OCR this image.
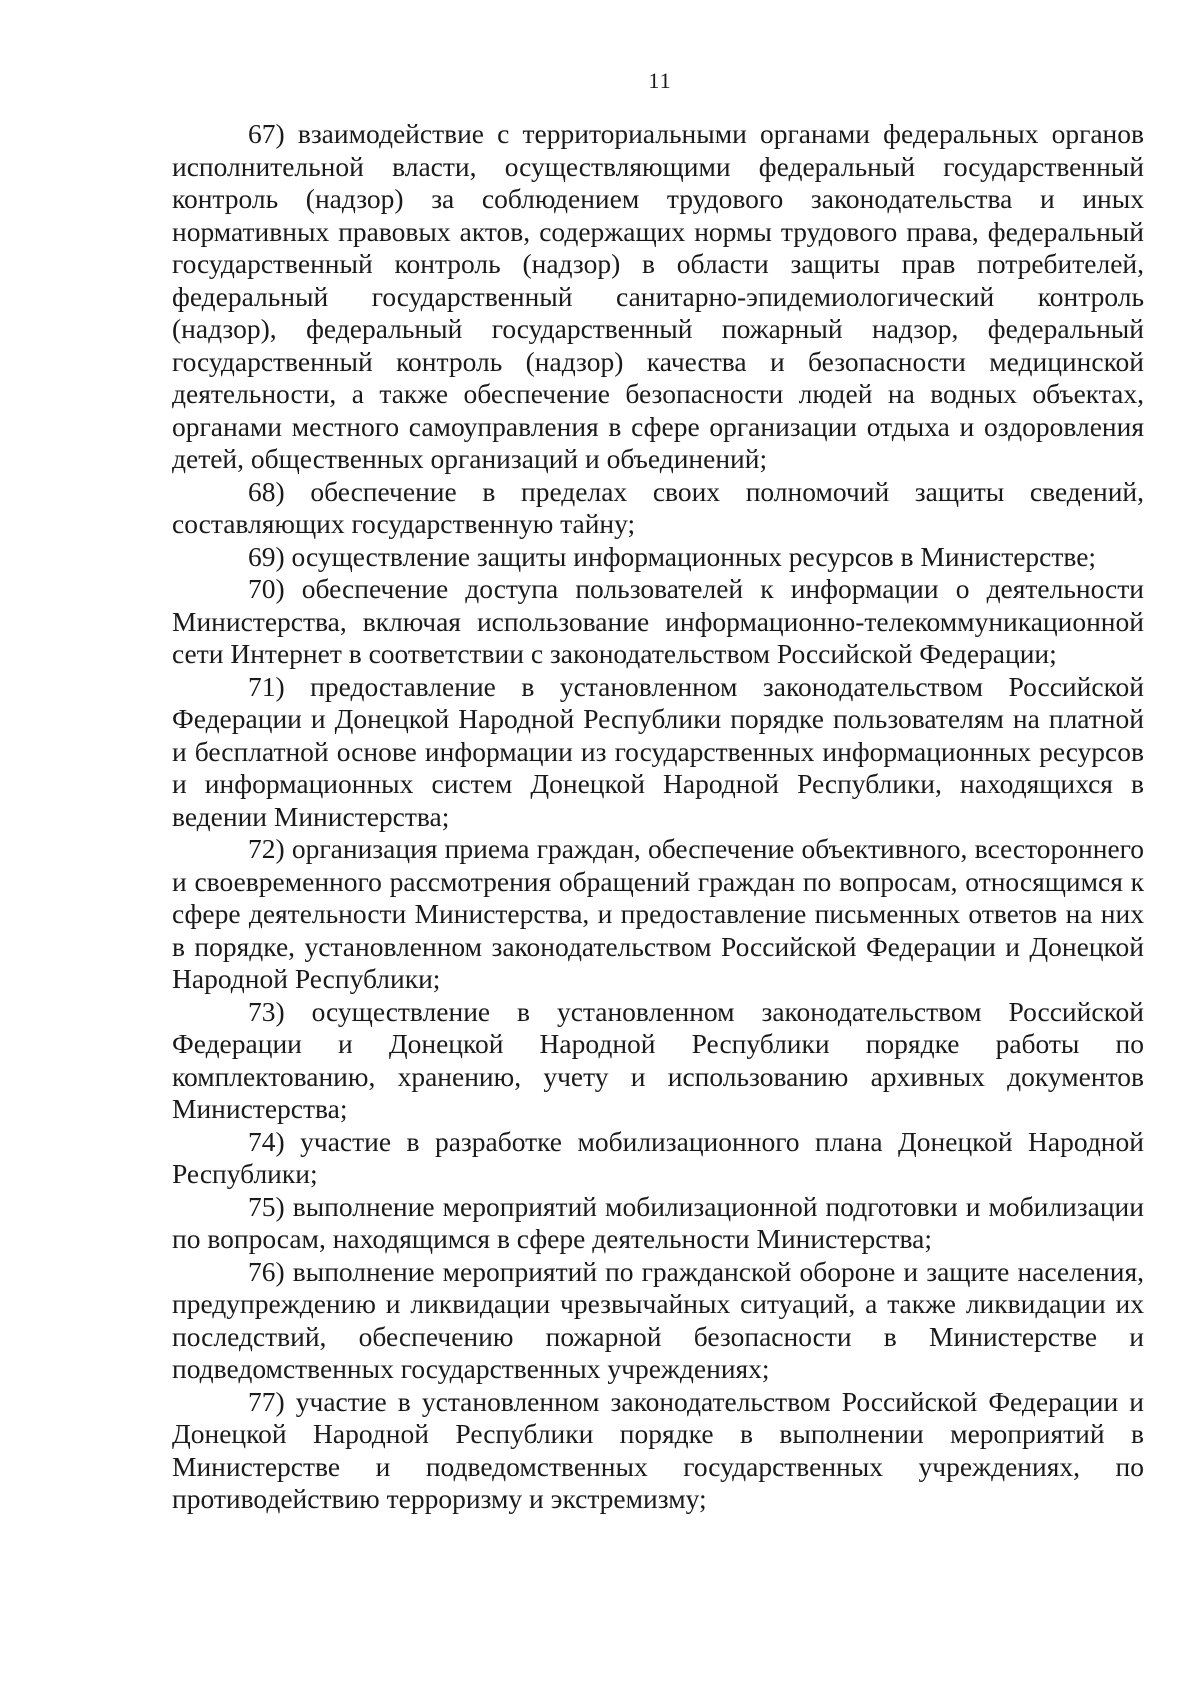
11

67) взаимодействие с территориальными органами федеральных органов исполнительной власти, осуществляющими федеральный государственный контроль (надзор) за соблюдением трудового законодательства и иных нормативных правовых актов, содержащих нормы трудового права, федеральный государственный контроль (надзор) в области защиты прав потребителей, федеральный государственный санитарно-эпидемиологический контроль (надзор), федеральный государственный пожарный надзор, федеральный государственный контроль (надзор) качества и безопасности медицинской деятельности, а также обеспечение безопасности людей на водных объектах, органами местного самоуправления в сфере организации отдыха и оздоровления детей, общественных организаций и объединений;

68) обеспечение в пределах своих полномочий защиты сведений, составляющих государственную тайну;

69) осуществление защиты информационных ресурсов в Министерстве;

70) обеспечение доступа пользователей к информации о деятельности Министерства, включая использование информационно-телекоммуникационной сети Интернет в соответствии с законодательством Российской Федерации;

71) предоставление в установленном законодательством Российской Федерации и Донецкой Народной Республики порядке пользователям на платной и бесплатной основе информации из государственных информационных ресурсов и информационных систем Донецкой Народной Республики, находящихся в ведении Министерства;

72) организация приема граждан, обеспечение объективного, всестороннего и своевременного рассмотрения обращений граждан по вопросам, относящимся к сфере деятельности Министерства, и предоставление письменных ответов на них в порядке, установленном законодательством Российской Федерации и Донецкой Народной Республики;

73) осуществление в установленном законодательством Российской Федерации и Донецкой Народной Республики порядке работы по комплектованию, хранению, учету и использованию архивных документов Министерства;

74) участие в разработке мобилизационного плана Донецкой Народной Республики;

75) выполнение мероприятий мобилизационной подготовки и мобилизации по вопросам, находящимся в сфере деятельности Министерства;

76) выполнение мероприятий по гражданской обороне и защите населения, предупреждению и ликвидации чрезвычайных ситуаций, а также ликвидации их последствий, обеспечению пожарной безопасности в Министерстве и подведомственных государственных учреждениях;

77) участие в установленном законодательством Российской Федерации и Донецкой Народной Республики порядке в выполнении мероприятий в Министерстве и подведомственных государственных учреждениях, по противодействию терроризму и экстремизму;
